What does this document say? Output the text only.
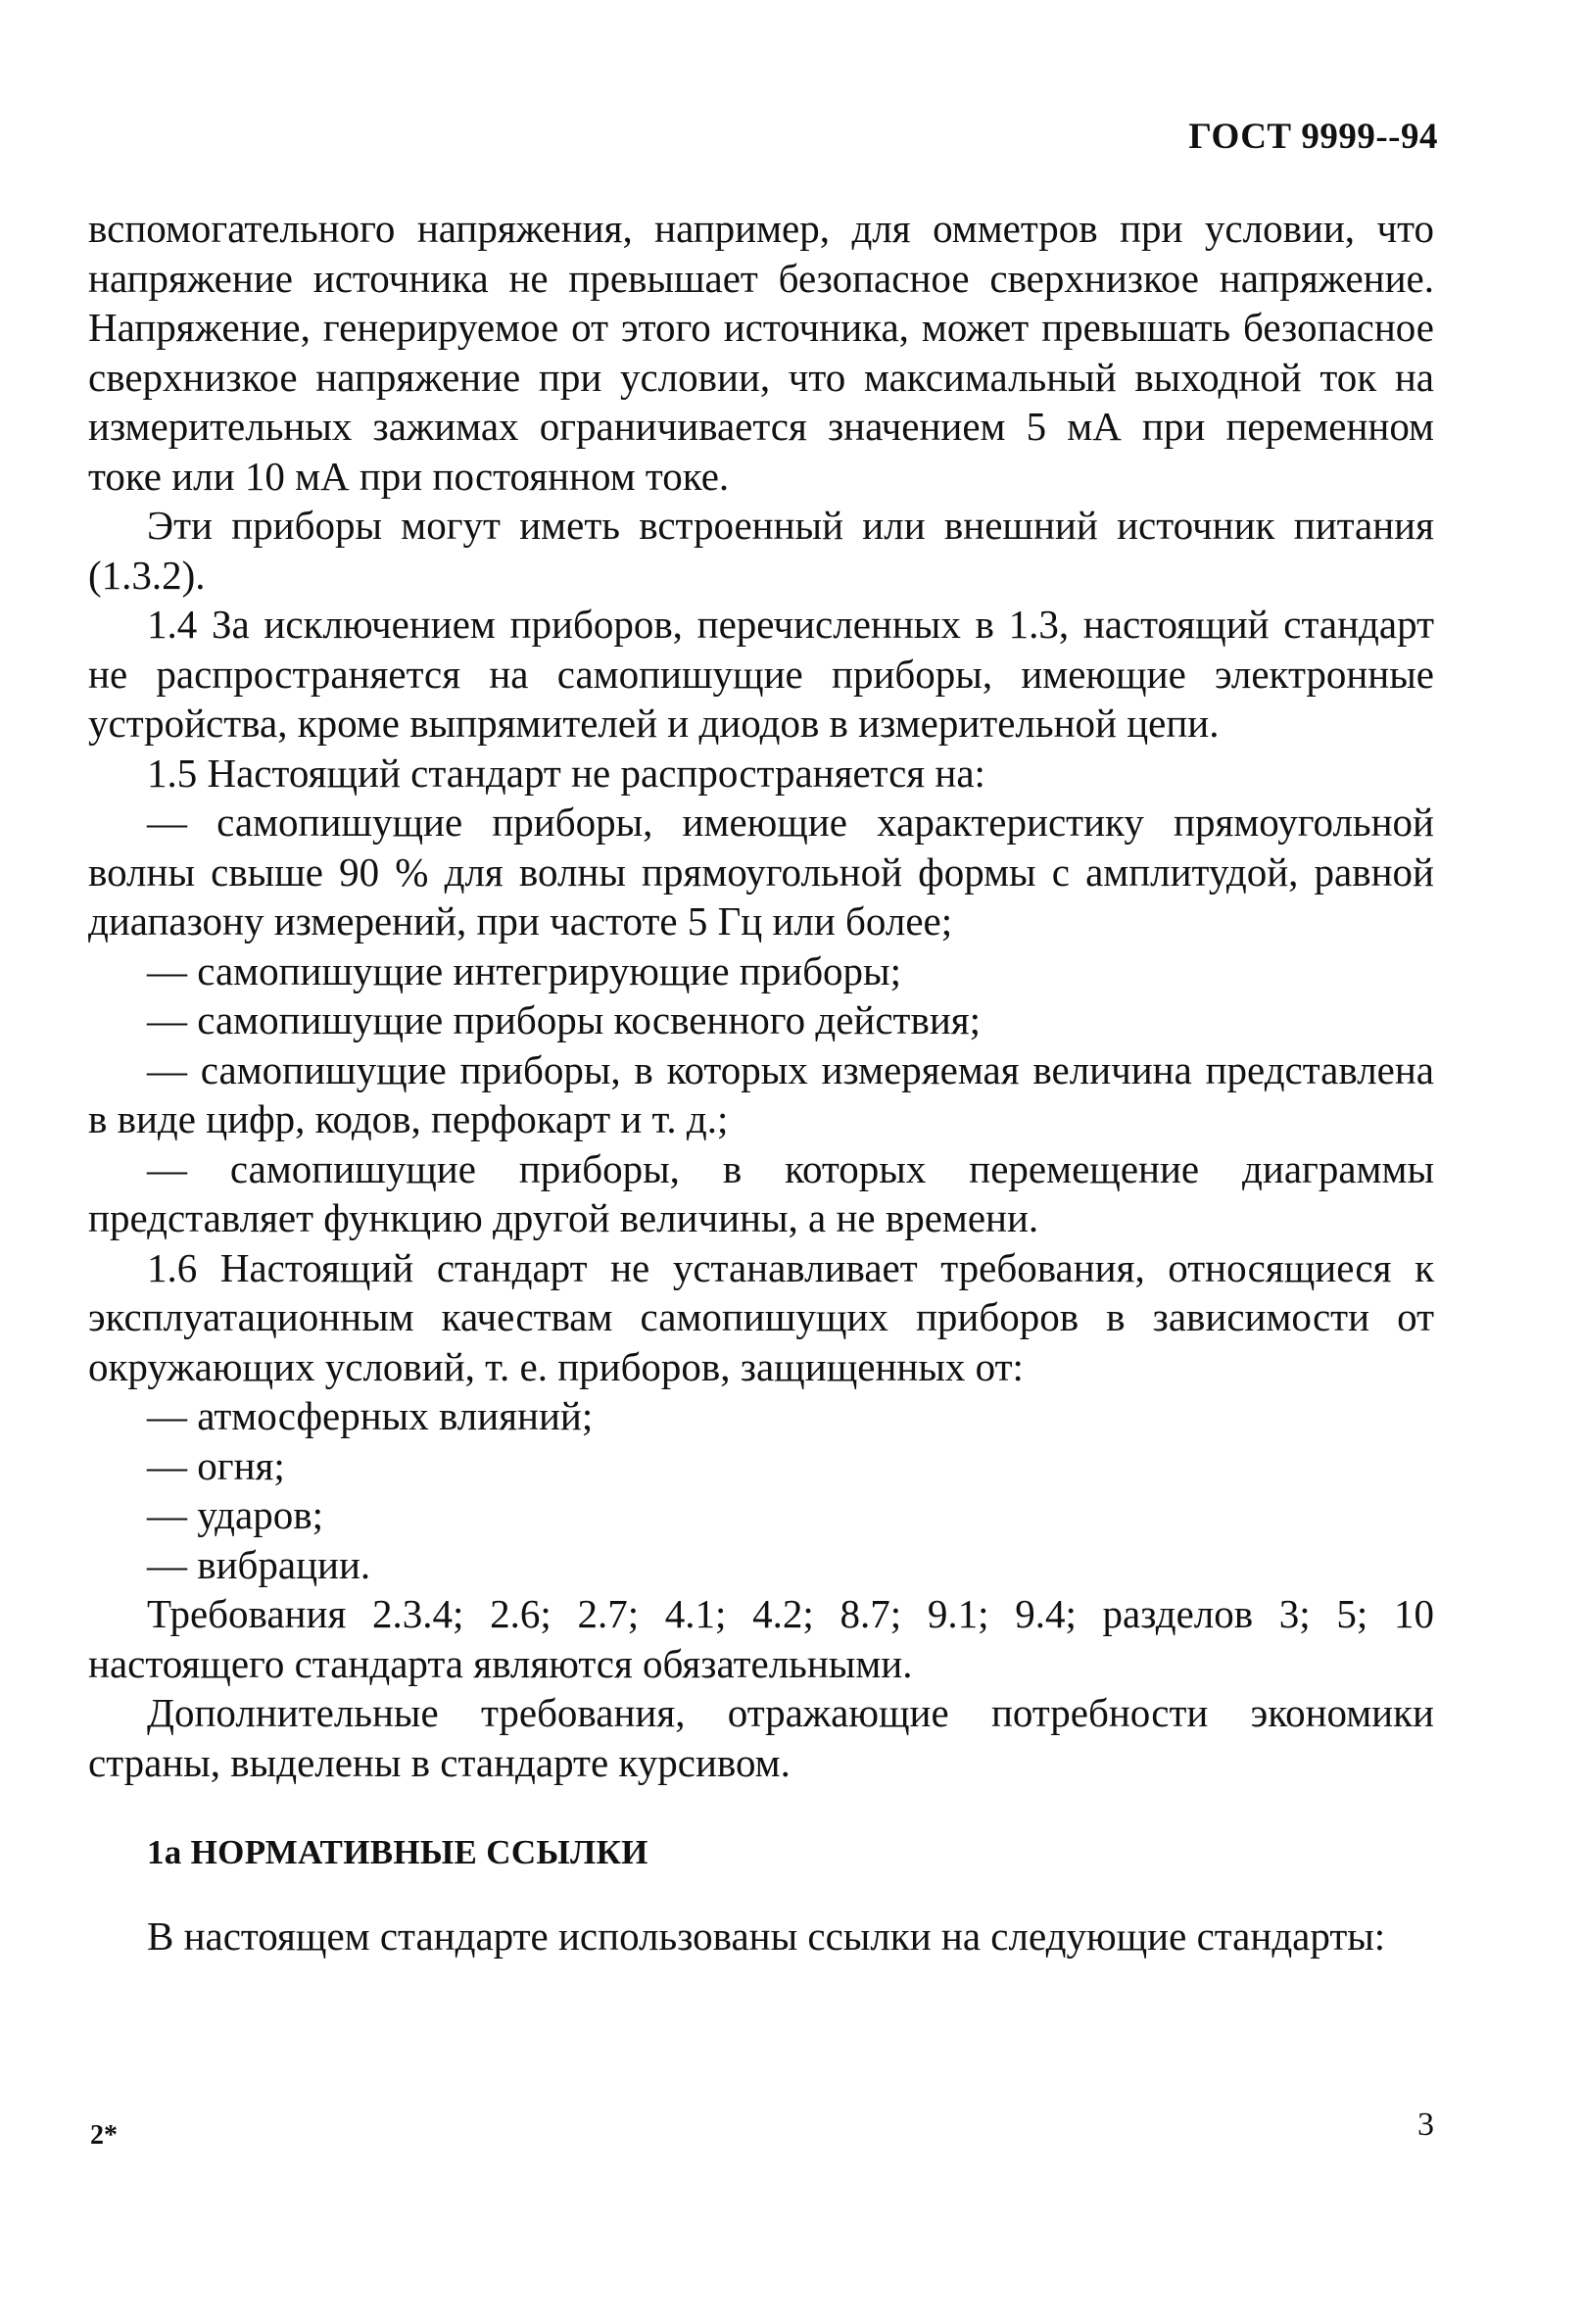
ГОСТ 9999--94

вспомогательного напряжения, например, для омметров при условии, что напряжение источника не превышает безопасное сверхнизкое напряжение. Напряжение, генерируемое от этого источника, может превышать безопасное сверхнизкое напряжение при условии, что максимальный выходной ток на измерительных зажимах ограничивается значением 5 мА при переменном токе или 10 мА при постоянном токе.

Эти приборы могут иметь встроенный или внешний источник питания (1.3.2).

1.4 За исключением приборов, перечисленных в 1.3, настоящий стандарт не распространяется на самопишущие приборы, имеющие электронные устройства, кроме выпрямителей и диодов в измерительной цепи.

1.5 Настоящий стандарт не распространяется на:

— самопишущие приборы, имеющие характеристику прямоугольной волны свыше 90 % для волны прямоугольной формы с амплитудой, равной диапазону измерений, при частоте 5 Гц или более;

— самопишущие интегрирующие приборы;

— самопишущие приборы косвенного действия;

— самопишущие приборы, в которых измеряемая величина представлена в виде цифр, кодов, перфокарт и т. д.;

— самопишущие приборы, в которых перемещение диаграммы представляет функцию другой величины, а не времени.

1.6 Настоящий стандарт не устанавливает требования, относящиеся к эксплуатационным качествам самопишущих приборов в зависимости от окружающих условий, т. е. приборов, защищенных от:

— атмосферных влияний;

— огня;

— ударов;

— вибрации.

Требования 2.3.4; 2.6; 2.7; 4.1; 4.2; 8.7; 9.1; 9.4; разделов 3; 5; 10 настоящего стандарта являются обязательными.

Дополнительные требования, отражающие потребности экономики страны, выделены в стандарте курсивом.

1а НОРМАТИВНЫЕ ССЫЛКИ

В настоящем стандарте использованы ссылки на следующие стандарты:

2*	3
